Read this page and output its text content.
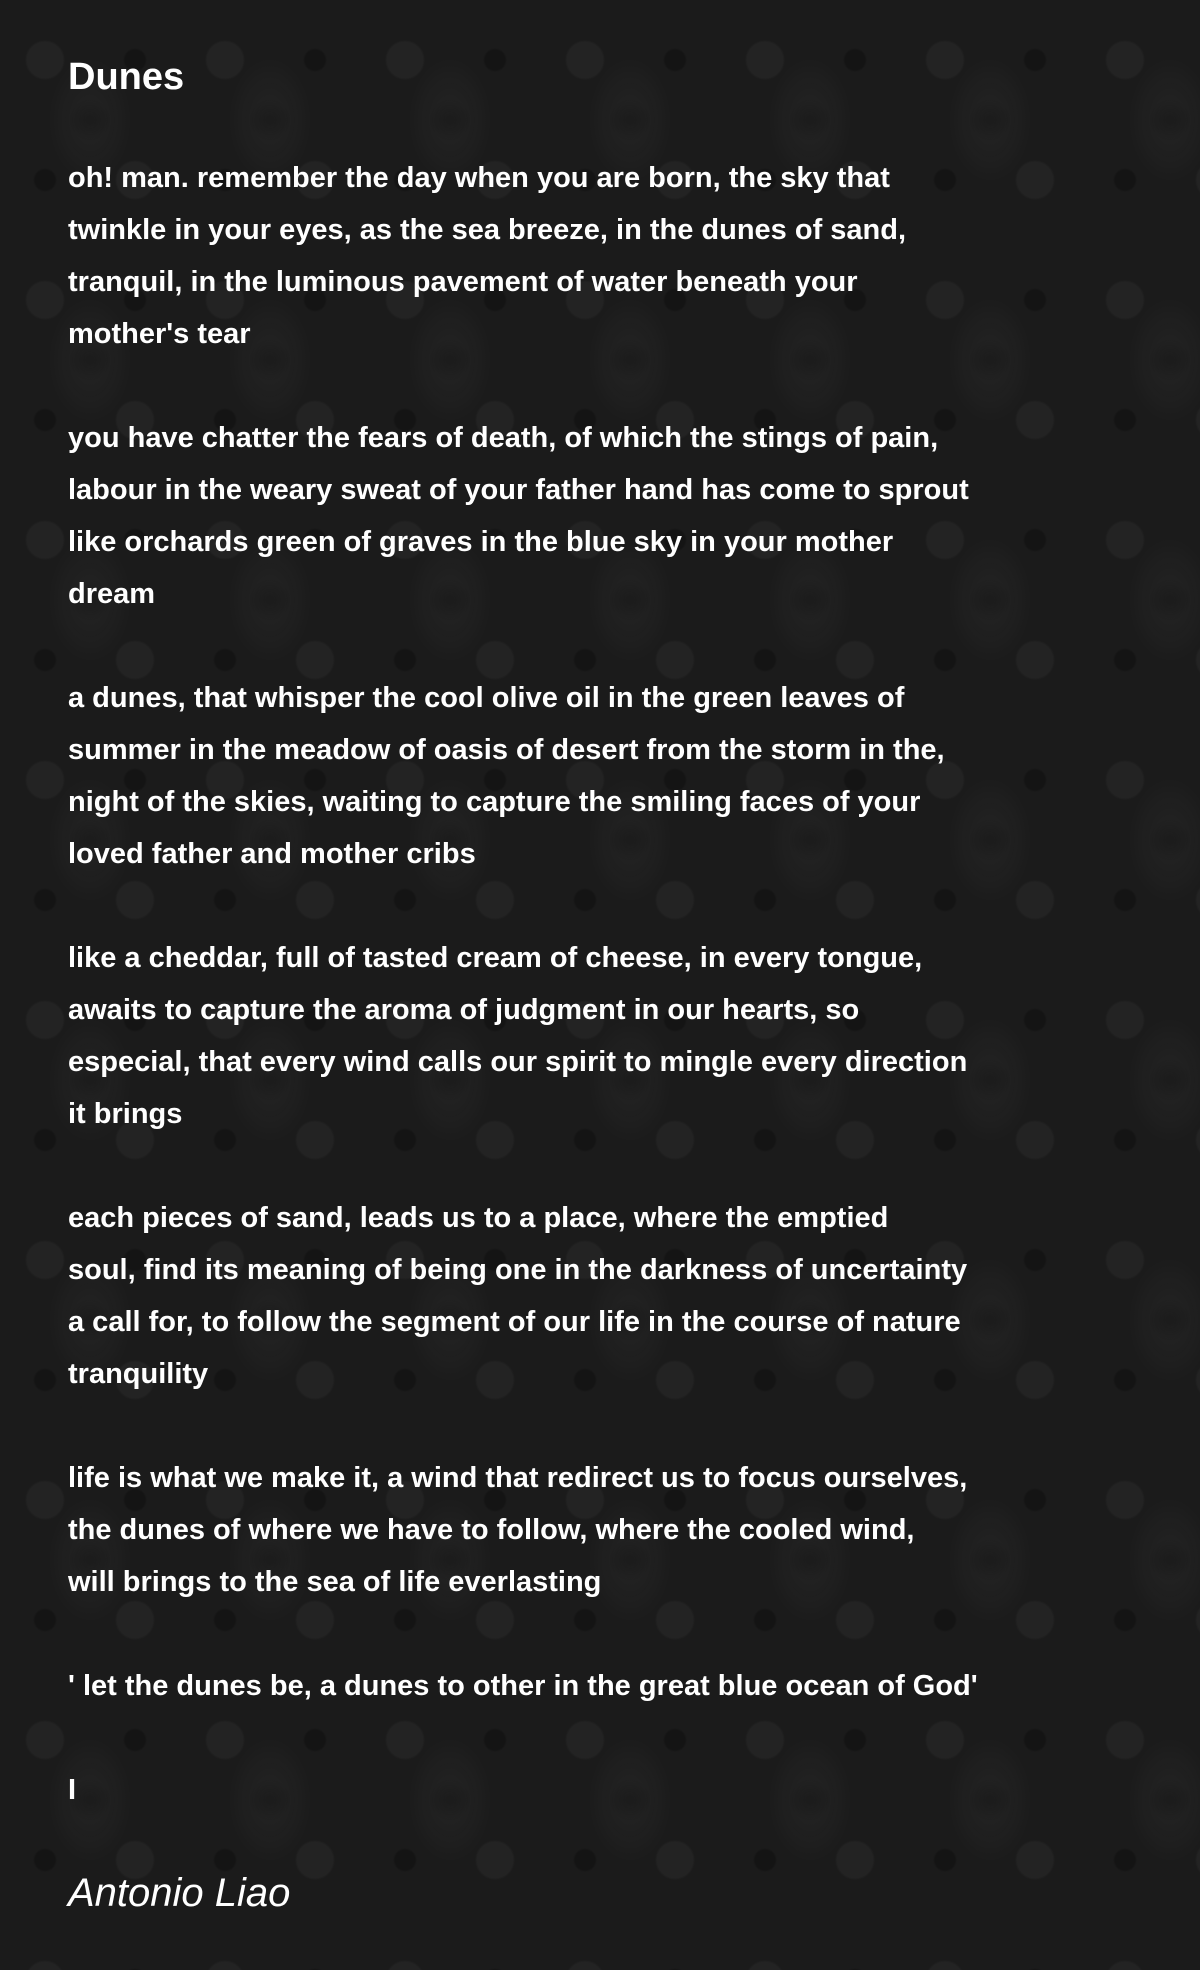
Dunes
oh! man. remember the day when you are born, the sky that
twinkle in your eyes, as the sea breeze, in the dunes of sand,
tranquil, in the luminous pavement of water beneath your
mother's tear
you have chatter the fears of death, of which the stings of pain,
labour in the weary sweat of your father hand has come to sprout
like orchards green of graves in the blue sky in your mother
dream
a dunes, that whisper the cool olive oil in the green leaves of
summer in the meadow of oasis of desert from the storm in the,
night of the skies, waiting to capture the smiling faces of your
loved father and mother cribs
like a cheddar, full of tasted cream of cheese, in every tongue,
awaits to capture the aroma of judgment in our hearts, so
especial, that every wind calls our spirit to mingle every direction
it brings
each pieces of sand, leads us to a place, where the emptied
soul, find its meaning of being one in the darkness of uncertainty
a call for, to follow the segment of our life in the course of nature
tranquility
life is what we make it, a wind that redirect us to focus ourselves,
the dunes of where we have to follow, where the cooled wind,
will brings to the sea of life everlasting
' let the dunes be, a dunes to other in the great blue ocean of God'
I
Antonio Liao
